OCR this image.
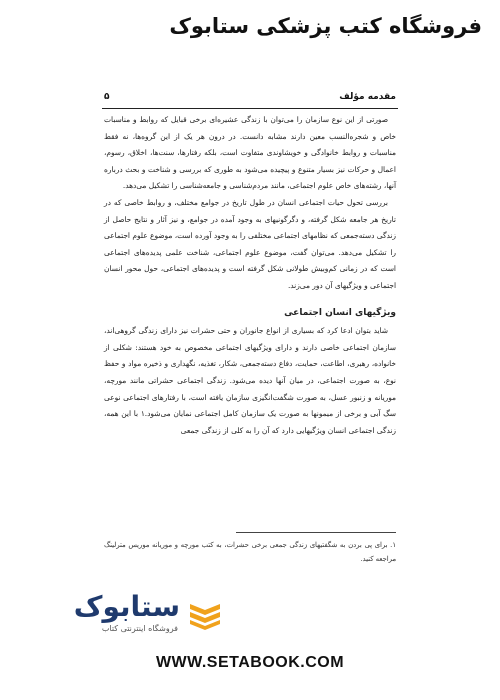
فروشگاه کتب پزشکی ستابوک
مقدمه مؤلف
۵

صورتی از این نوع سازمان را می‌توان با زندگی عشیره‌ای برخی قبایل که روابط و مناسبات خاص و شجره‌النسب معین دارند مشابه دانست. در درون هر یک از این گروه‌ها، نه فقط مناسبات و روابط خانوادگی و خویشاوندی متفاوت است، بلکه رفتارها، سنت‌ها، اخلاق، رسوم، اعمال و حرکات نیز بسیار متنوع و پیچیده می‌شود به طوری که بررسی و شناخت و بحث درباره آنها، رشته‌های خاص علوم اجتماعی، مانند مردم‌شناسی و جامعه‌شناسی را تشکیل می‌دهد.

بررسی تحول حیات اجتماعی انسان در طول تاریخ در جوامع مختلف، و روابط خاصی که در تاریخ هر جامعه شکل گرفته، و دگرگونیهای به وجود آمده در جوامع، و نیز آثار و نتایج حاصل از زندگی دسته‌جمعی که نظامهای اجتماعی مختلفی را به وجود آورده است، موضوع علوم اجتماعی را تشکیل می‌دهد. می‌توان گفت، موضوع علوم اجتماعی، شناخت علمی پدیده‌های اجتماعی است که در زمانی کم‌وبیش طولانی شکل گرفته است و پدیده‌های اجتماعی، حول محور انسان اجتماعی و ویژگیهای آن دور می‌زند.

ویژگیهای انسان اجتماعی

شاید بتوان ادعا کرد که بسیاری از انواع جانوران و حتی حشرات نیز دارای زندگی گروهی‌اند، سازمان اجتماعی خاصی دارند و دارای ویژگیهای اجتماعی مخصوص به خود هستند: شکلی از خانواده، رهبری، اطاعت، حمایت، دفاع دسته‌جمعی، شکار، تغذیه، نگهداری و ذخیره مواد و حفظ نوع، به صورت اجتماعی، در میان آنها دیده می‌شود. زندگی اجتماعی حشراتی مانند مورچه، موریانه و زنبور عسل، به صورت شگفت‌انگیزی سازمان یافته است، با رفتارهای اجتماعی نوعی سگ آبی و برخی از میمونها به صورت یک سازمان کامل اجتماعی نمایان می‌شود.۱ با این همه، زندگی اجتماعی انسان ویژگیهایی دارد که آن را به کلی از زندگی جمعی

۱. برای پی بردن به شگفتیهای زندگی جمعی برخی حشرات، به کتب مورچه و موریانه موریس مترلینگ مراجعه کنید.
ستابوک
فروشگاه اینترنتی کتاب
WWW.SETABOOK.COM
